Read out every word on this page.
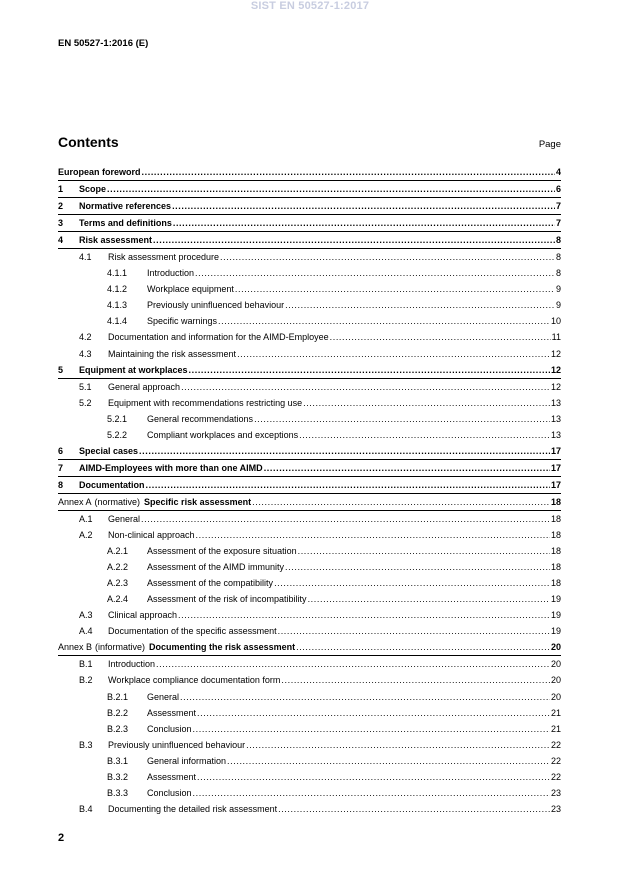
SIST EN 50527-1:2017
EN 50527-1:2016 (E)
Contents	Page
European foreword .....	4
1	Scope .....	6
2	Normative references .....	7
3	Terms and definitions .....	7
4	Risk assessment .....	8
4.1	Risk assessment procedure .....	8
4.1.1	Introduction .....	8
4.1.2	Workplace equipment .....	9
4.1.3	Previously uninfluenced behaviour .....	9
4.1.4	Specific warnings .....	10
4.2	Documentation and information for the AIMD-Employee .....	11
4.3	Maintaining the risk assessment .....	12
5	Equipment at workplaces .....	12
5.1	General approach .....	12
5.2	Equipment with recommendations restricting use .....	13
5.2.1	General recommendations .....	13
5.2.2	Compliant workplaces and exceptions .....	13
6	Special cases .....	17
7	AIMD-Employees with more than one AIMD .....	17
8	Documentation .....	17
Annex A (normative) Specific risk assessment .....	18
A.1	General .....	18
A.2	Non-clinical approach .....	18
A.2.1	Assessment of the exposure situation .....	18
A.2.2	Assessment of the AIMD immunity .....	18
A.2.3	Assessment of the compatibility .....	18
A.2.4	Assessment of the risk of incompatibility .....	19
A.3	Clinical approach .....	19
A.4	Documentation of the specific assessment .....	19
Annex B (informative) Documenting the risk assessment .....	20
B.1	Introduction .....	20
B.2	Workplace compliance documentation form .....	20
B.2.1	General .....	20
B.2.2	Assessment .....	21
B.2.3	Conclusion .....	21
B.3	Previously uninfluenced behaviour .....	22
B.3.1	General information .....	22
B.3.2	Assessment .....	22
B.3.3	Conclusion .....	23
B.4	Documenting the detailed risk assessment .....	23
2
